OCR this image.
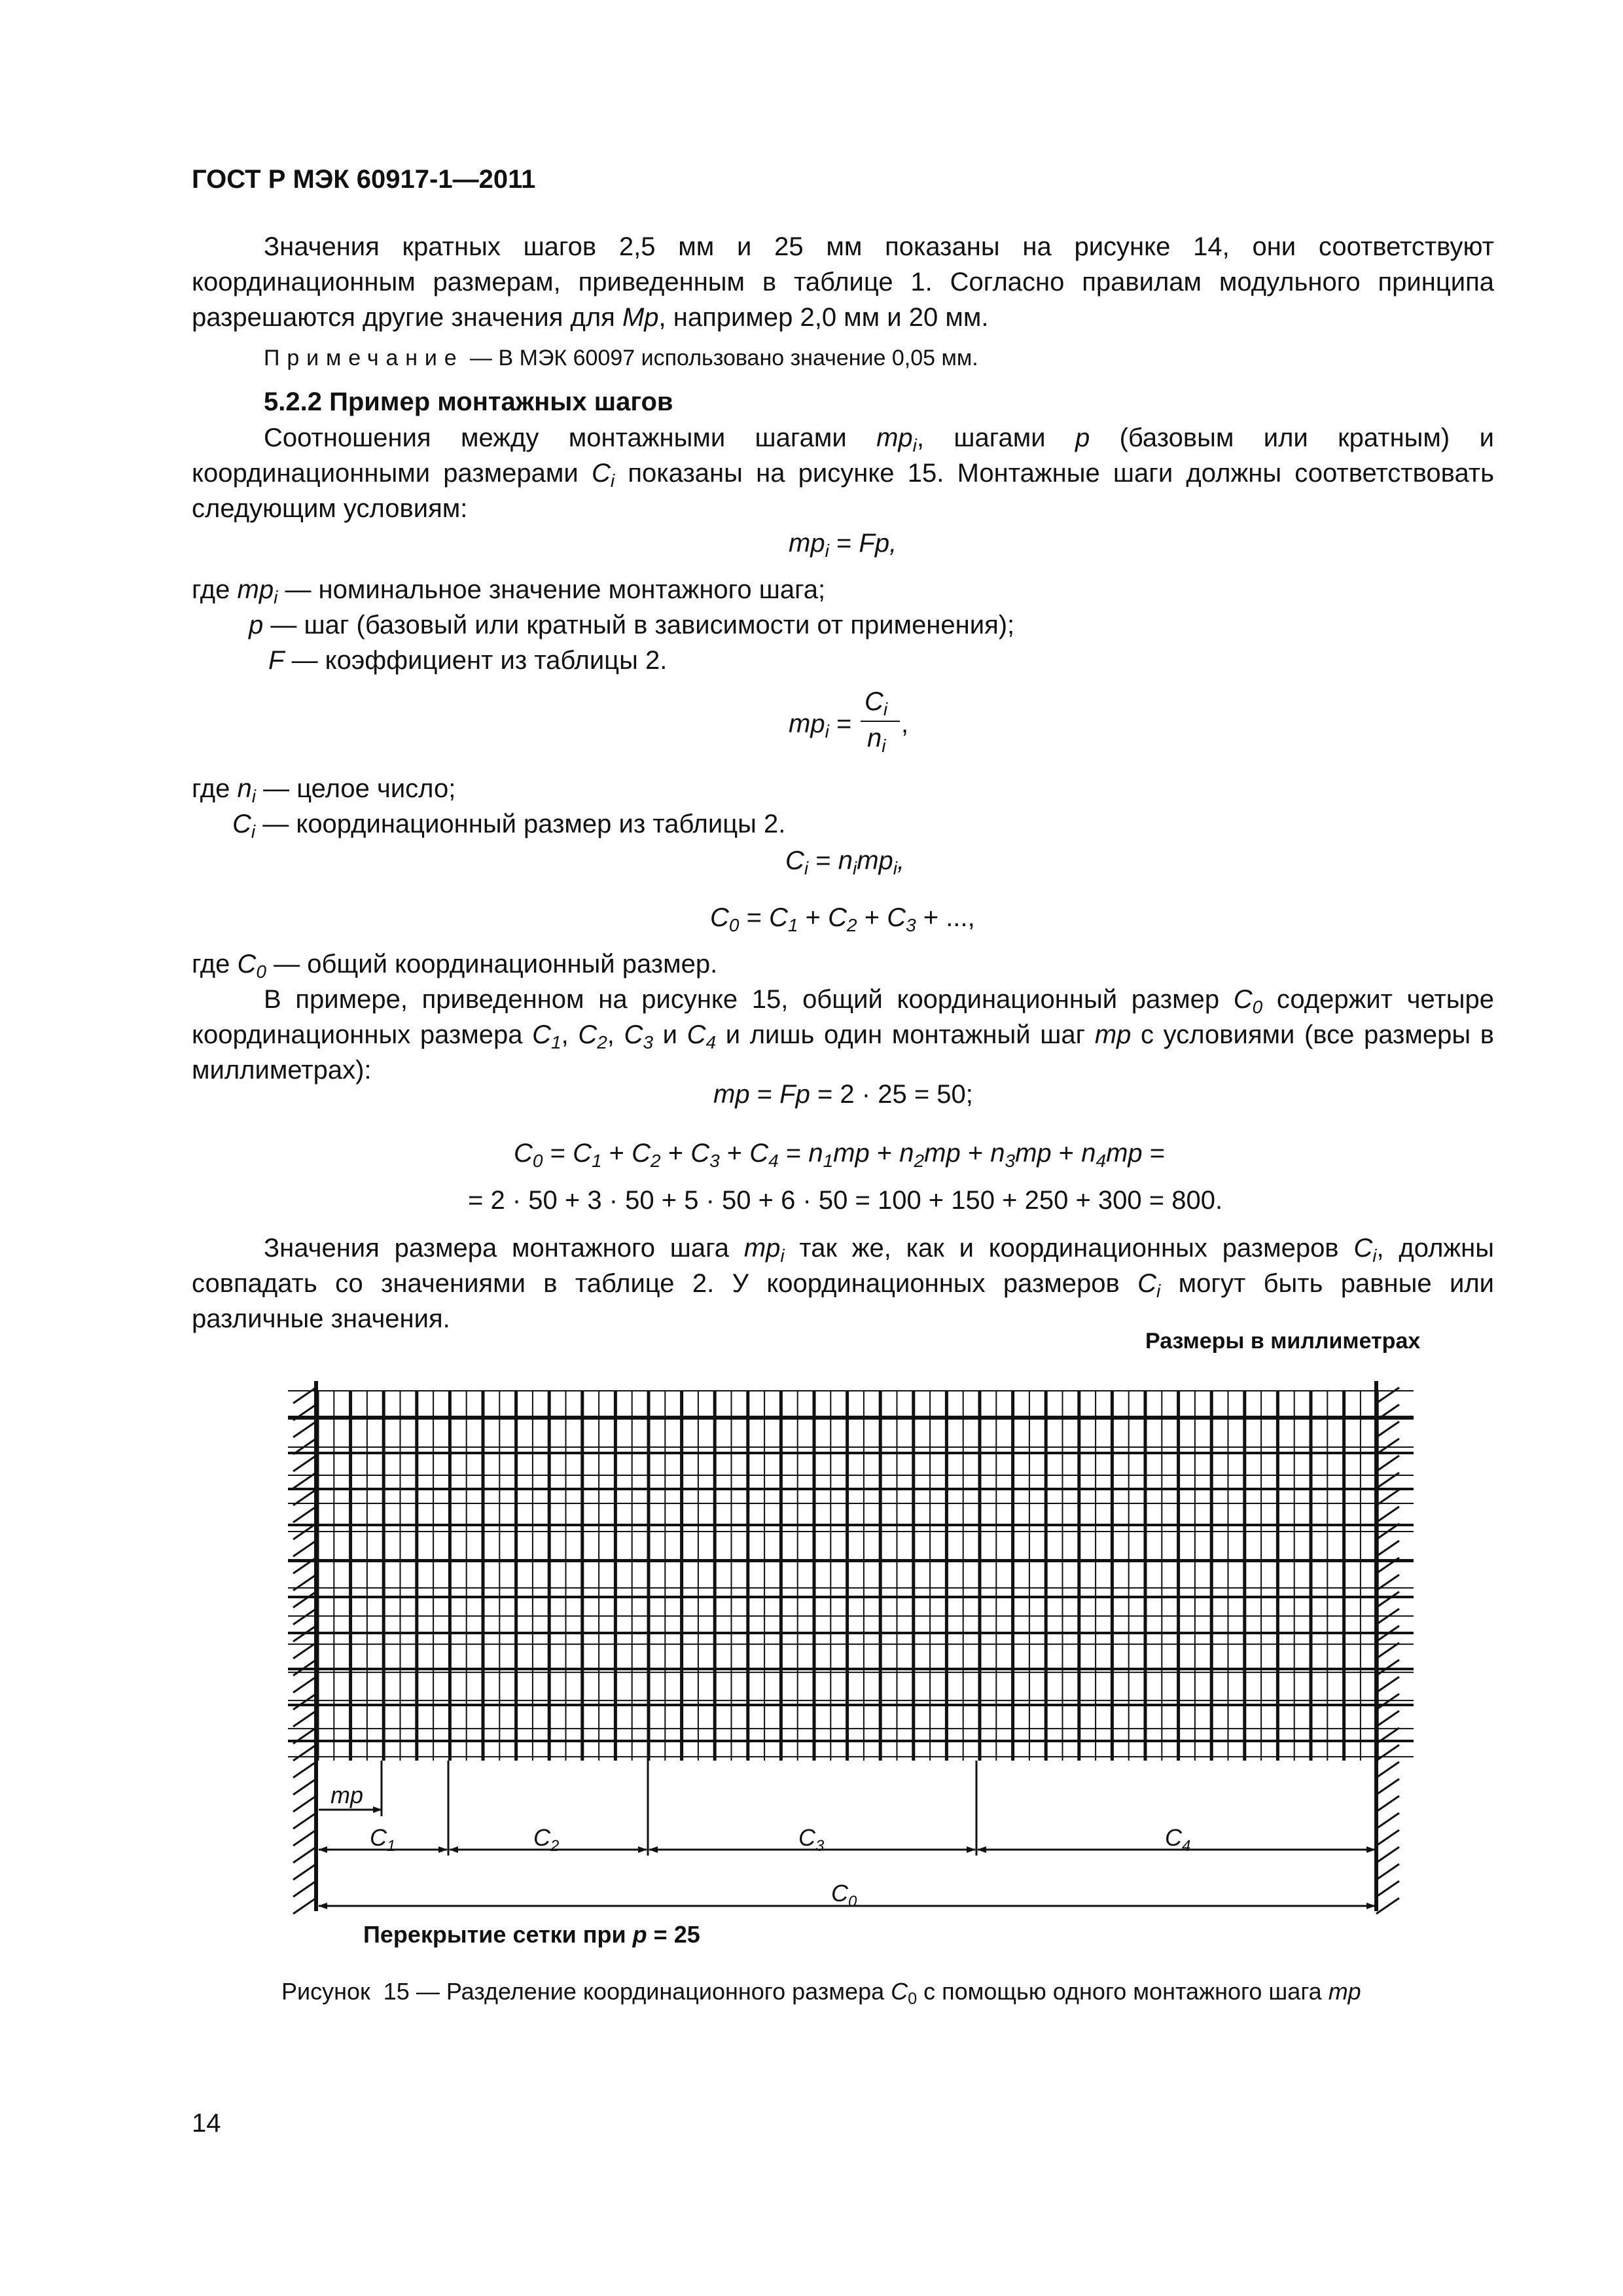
ГОСТ Р МЭК 60917-1—2011
Значения кратных шагов 2,5 мм и 25 мм показаны на рисунке 14, они соответствуют координационным размерам, приведенным в таблице 1. Согласно правилам модульного принципа разрешаются другие значения для Mp, например 2,0 мм и 20 мм.
Примечание — В МЭК 60097 использовано значение 0,05 мм.
5.2.2 Пример монтажных шагов
Соотношения между монтажными шагами $mp_i$, шагами p (базовым или кратным) и координационными размерами $C_i$ показаны на рисунке 15. Монтажные шаги должны соответствовать следующим условиям:
$mp_i = Fp$,
где $mp_i$ — номинальное значение монтажного шага;
p — шаг (базовый или кратный в зависимости от применения);
F — коэффициент из таблицы 2.
$mp_i$ =
$C_i$
$n_i$
,
где $n_i$ — целое число;
$C_i$ — координационный размер из таблицы 2.
$C_i = n_imp_i$,
$C_0 = C_1 + C_2 + C_3$ + ...,
где $C_0$ — общий координационный размер.
В примере, приведенном на рисунке 15, общий координационный размер $C_0$ содержит четыре координационных размера $C_1$, $C_2$, $C_3$ и $C_4$ и лишь один монтажный шаг mp с условиями (все размеры в миллиметрах):
mp = Fp = 2 · 25 = 50;
$C_0 = C_1 + C_2 + C_3 + C_4 = n_1mp + n_2mp + n_3mp + n_4mp$ =
= 2 · 50 + 3 · 50 + 5 · 50 + 6 · 50 = 100 + 150 + 250 + 300 = 800.
Значения размера монтажного шага $mp_i$ так же, как и координационных размеров $C_i$, должны совпадать со значениями в таблице 2. У координационных размеров $C_i$ могут быть равные или различные значения.
Размеры в миллиметрах
mp
$C_1$	$C_2$	$C_3$	$C_4$
$C_0$
Перекрытие сетки при p = 25
Рисунок  15 — Разделение координационного размера $C_0$ с помощью одного монтажного шага mp
14
